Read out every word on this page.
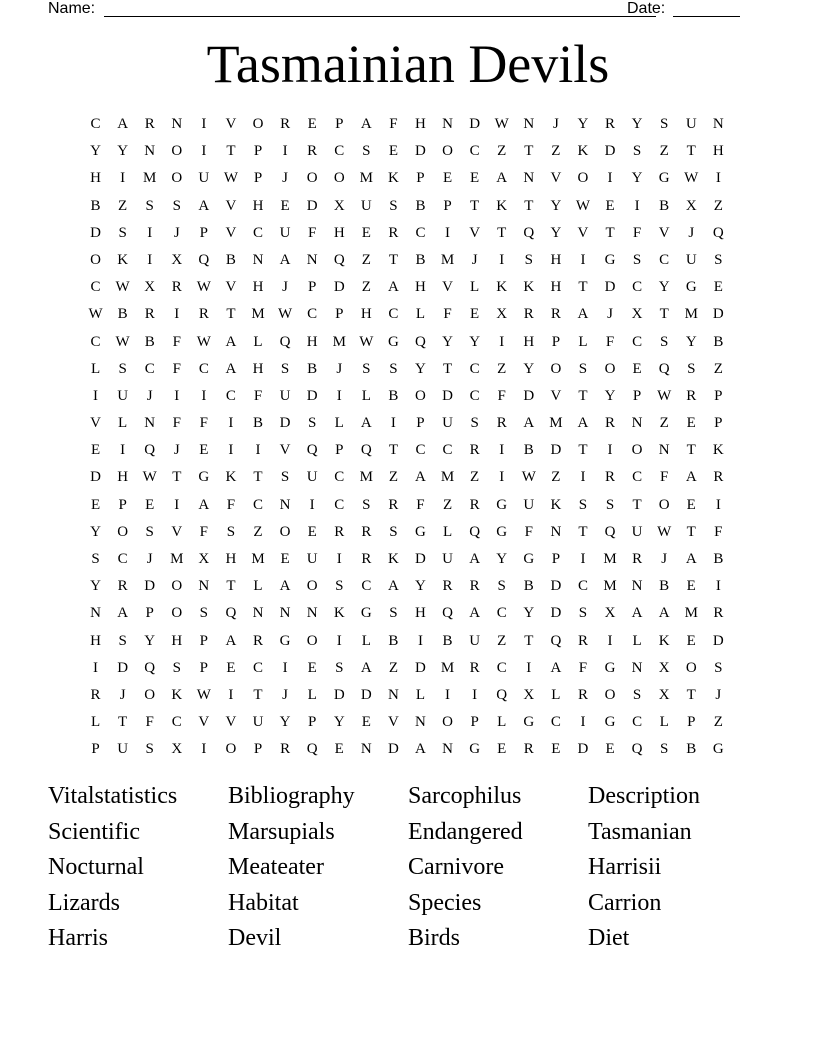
Name:	Date:
Tasmainian Devils
C	A	R	N	I	V	O	R	E	P	A	F	H	N	D W N	J	Y	R	Y	S	U	N
Y	Y	N	O	I	T	P	I	R	C	S	E	D	O	C	Z	T	Z	K	D	S	Z	T	H
H	I	M O	U W	P	J	O	O M K	P	E	E	A	N	V	O	I	Y	G W	I
B	Z	S	S	A	V	H	E	D	X	U	S	B	P	T	K	T	Y W	E	I	B	X	Z
D	S	I	J	P	V	C	U	F	H	E	R	C	I	V	T	Q	Y	V	T	F	V	J	Q
O	K	I	X	Q	B	N	A	N	Q	Z	T	B	M	J	I	S	H	I	G	S	C	U	S
C W X	R W V	H	J	P	D	Z	A	H	V	L	K	K	H	T	D	C	Y	G	E
W B	R	I	R	T	M W C	P	H	C	L	F	E	X	R	R	A	J	X	T	M D
C W B	F	W A	L	Q	H M W G	Q	Y	Y	I	H	P	L	F	C	S	Y	B
L	S	C	F	C	A	H	S	B	J	S	S	Y	T	C	Z	Y	O	S	O	E	Q	S	Z
I	U	J	I	I	C	F	U	D	I	L	B	O	D	C	F	D	V	T	Y	P	W R	P
V	L	N	F	F	I	B	D	S	L	A	I	P	U	S	R	A M A	R	N	Z	E	P
E	I	Q	J	E	I	I	V	Q	P	Q	T	C	C	R	I	B	D	T	I	O	N	T	K
D	H W	T	G	K	T	S	U	C	M	Z	A M	Z	I	W	Z	I	R	C	F	A	R
E	P	E	I	A	F	C	N	I	C	S	R	F	Z	R	G	U	K	S	S	T	O	E	I
Y	O	S	V	F	S	Z	O	E	R	R	S	G	L	Q	G	F	N	T	Q	U W	T	F
S	C	J	M X	H M	E	U	I	R	K	D	U	A	Y	G	P	I	M	R	J	A	B
Y	R	D	O	N	T	L	A	O	S	C	A	Y	R	R	S	B	D	C	M N	B	E	I
N	A	P	O	S	Q	N	N	N	K	G	S	H	Q	A	C	Y	D	S	X	A	A M	R
H	S	Y	H	P	A	R	G	O	I	L	B	I	B	U	Z	T	Q	R	I	L	K	E	D
I	D	Q	S	P	E	C	I	E	S	A	Z	D M	R	C	I	A	F	G	N	X	O	S
R	J	O	K W	I	T	J	L	D	D	N	L	I	I	Q	X	L	R	O	S	X	T	J
L	T	F	C	V	V	U	Y	P	Y	E	V	N	O	P	L	G	C	I	G	C	L	P	Z
P	U	S	X	I	O	P	R	Q	E	N	D	A	N	G	E	R	E	D	E	Q	S	B	G
Vitalstatistics	Bibliography	Sarcophilus	Description
Scientific	Marsupials	Endangered	Tasmanian
Nocturnal	Meateater	Carnivore	Harrisii
Lizards	Habitat	Species	Carrion
Harris	Devil	Birds	Diet
